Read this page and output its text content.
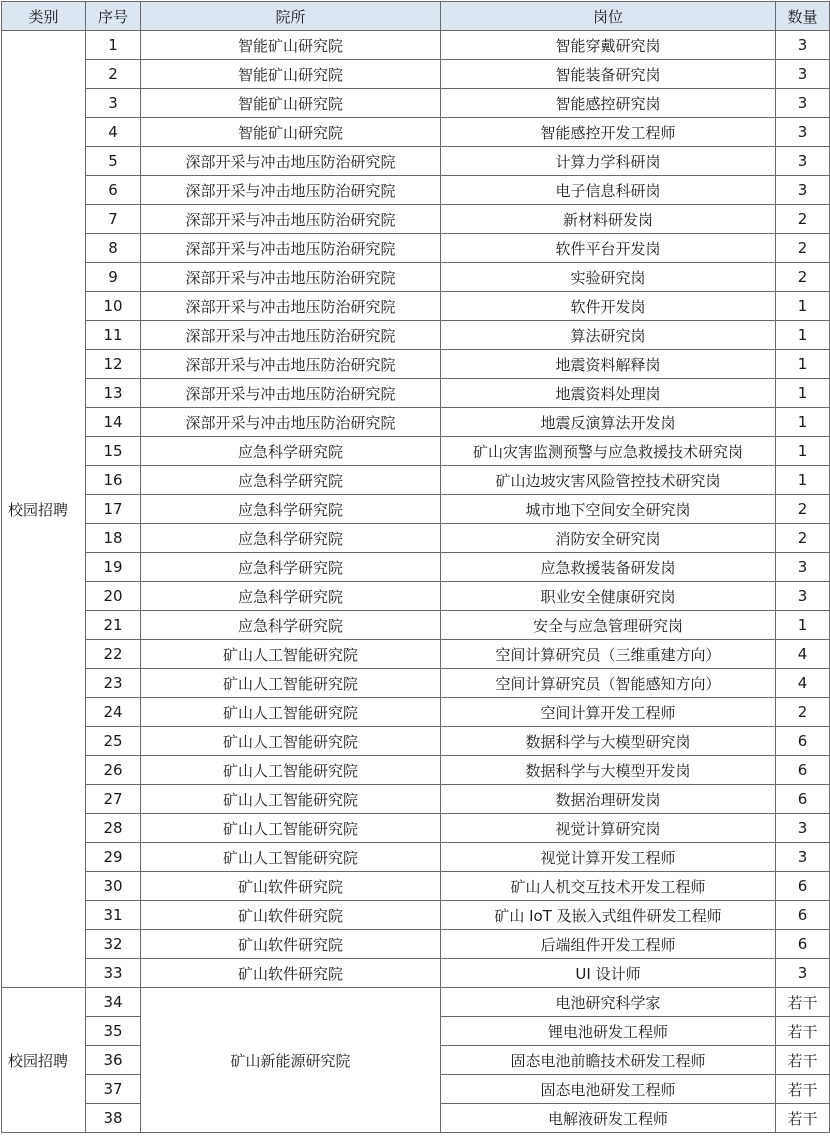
类别	序号	院所	岗位	数量
校园招聘	1	智能矿山研究院	智能穿戴研究岗	3
	2	智能矿山研究院	智能装备研究岗	3
	3	智能矿山研究院	智能感控研究岗	3
	4	智能矿山研究院	智能感控开发工程师	3
	5	深部开采与冲击地压防治研究院	计算力学科研岗	3
	6	深部开采与冲击地压防治研究院	电子信息科研岗	3
	7	深部开采与冲击地压防治研究院	新材料研发岗	2
	8	深部开采与冲击地压防治研究院	软件平台开发岗	2
	9	深部开采与冲击地压防治研究院	实验研究岗	2
	10	深部开采与冲击地压防治研究院	软件开发岗	1
	11	深部开采与冲击地压防治研究院	算法研究岗	1
	12	深部开采与冲击地压防治研究院	地震资料解释岗	1
	13	深部开采与冲击地压防治研究院	地震资料处理岗	1
	14	深部开采与冲击地压防治研究院	地震反演算法开发岗	1
	15	应急科学研究院	矿山灾害监测预警与应急救援技术研究岗	1
	16	应急科学研究院	矿山边坡灾害风险管控技术研究岗	1
	17	应急科学研究院	城市地下空间安全研究岗	2
	18	应急科学研究院	消防安全研究岗	2
	19	应急科学研究院	应急救援装备研发岗	3
	20	应急科学研究院	职业安全健康研究岗	3
	21	应急科学研究院	安全与应急管理研究岗	1
	22	矿山人工智能研究院	空间计算研究员（三维重建方向）	4
	23	矿山人工智能研究院	空间计算研究员（智能感知方向）	4
	24	矿山人工智能研究院	空间计算开发工程师	2
	25	矿山人工智能研究院	数据科学与大模型研究岗	6
	26	矿山人工智能研究院	数据科学与大模型开发岗	6
	27	矿山人工智能研究院	数据治理研发岗	6
	28	矿山人工智能研究院	视觉计算研究岗	3
	29	矿山人工智能研究院	视觉计算开发工程师	3
	30	矿山软件研究院	矿山人机交互技术开发工程师	6
	31	矿山软件研究院	矿山 IoT 及嵌入式组件研发工程师	6
	32	矿山软件研究院	后端组件开发工程师	6
	33	矿山软件研究院	UI 设计师	3
校园招聘	34	矿山新能源研究院	电池研究科学家	若干
	35		锂电池研发工程师	若干
	36		固态电池前瞻技术研发工程师	若干
	37		固态电池研发工程师	若干
	38		电解液研发工程师	若干
